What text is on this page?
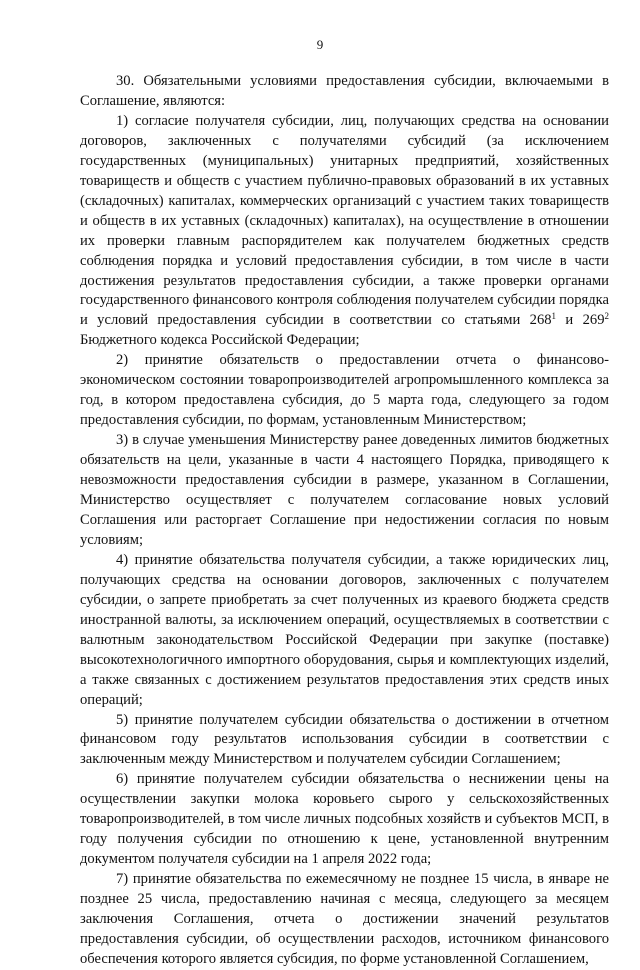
9

30. Обязательными условиями предоставления субсидии, включаемыми в Соглашение, являются:

1) согласие получателя субсидии, лиц, получающих средства на основании договоров, заключенных с получателями субсидий (за исключением государственных (муниципальных) унитарных предприятий, хозяйственных товариществ и обществ с участием публично-правовых образований в их уставных (складочных) капиталах, коммерческих организаций с участием таких товариществ и обществ в их уставных (складочных) капиталах), на осуществление в отношении их проверки главным распорядителем как получателем бюджетных средств соблюдения порядка и условий предоставления субсидии, в том числе в части достижения результатов предоставления субсидии, а также проверки органами государственного финансового контроля соблюдения получателем субсидии порядка и условий предоставления субсидии в соответствии со статьями $268^1$ и $269^2$ Бюджетного кодекса Российской Федерации;

2) принятие обязательств о предоставлении отчета о финансово-экономическом состоянии товаропроизводителей агропромышленного комплекса за год, в котором предоставлена субсидия, до 5 марта года, следующего за годом предоставления субсидии, по формам, установленным Министерством;

3) в случае уменьшения Министерству ранее доведенных лимитов бюджетных обязательств на цели, указанные в части 4 настоящего Порядка, приводящего к невозможности предоставления субсидии в размере, указанном в Соглашении, Министерство осуществляет с получателем согласование новых условий Соглашения или расторгает Соглашение при недостижении согласия по новым условиям;

4) принятие обязательства получателя субсидии, а также юридических лиц, получающих средства на основании договоров, заключенных с получателем субсидии, о запрете приобретать за счет полученных из краевого бюджета средств иностранной валюты, за исключением операций, осуществляемых в соответствии с валютным законодательством Российской Федерации при закупке (поставке) высокотехнологичного импортного оборудования, сырья и комплектующих изделий, а также связанных с достижением результатов предоставления этих средств иных операций;

5) принятие получателем субсидии обязательства о достижении в отчетном финансовом году результатов использования субсидии в соответствии с заключенным между Министерством и получателем субсидии Соглашением;

6) принятие получателем субсидии обязательства о неснижении цены на осуществлении закупки молока коровьего сырого у сельскохозяйственных товаропроизводителей, в том числе личных подсобных хозяйств и субъектов МСП, в году получения субсидии по отношению к цене, установленной внутренним документом получателя субсидии на 1 апреля 2022 года;

7) принятие обязательства по ежемесячному не позднее 15 числа, в январе не позднее 25 числа, предоставлению начиная с месяца, следующего за месяцем заключения Соглашения, отчета о достижении значений результатов предоставления субсидии, об осуществлении расходов, источником финансового обеспечения которого является субсидия, по форме установленной Соглашением,
